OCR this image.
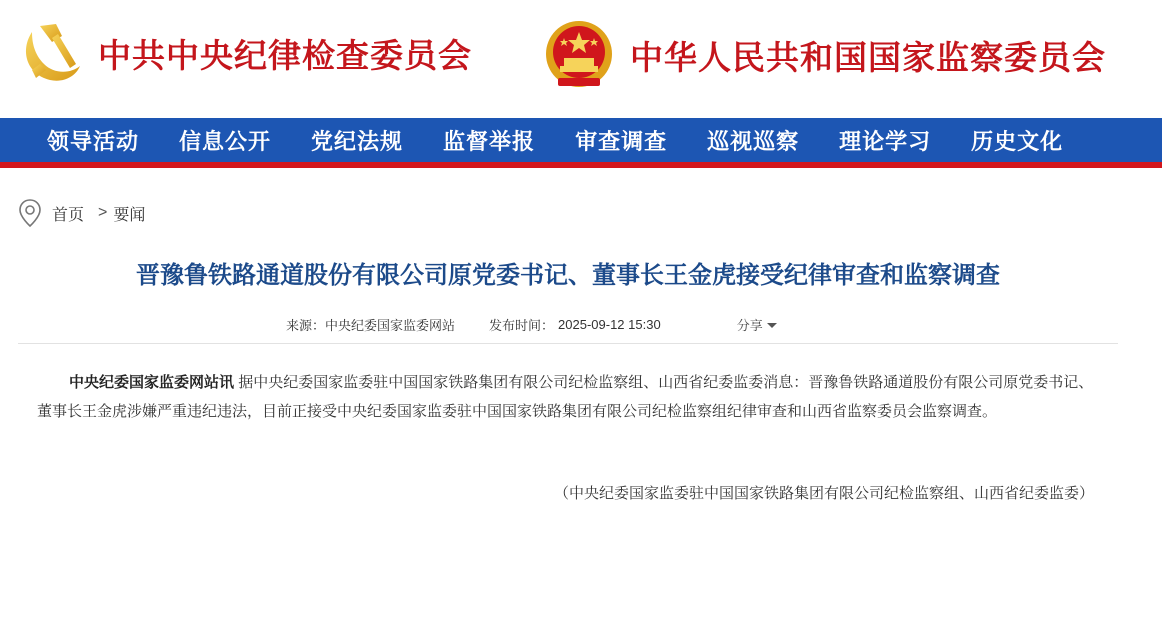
中共中央纪律检查委员会	中华人民共和国国家监察委员会
领导活动 信息公开 党纪法规 监督举报 审查调查 巡视巡察 理论学习 历史文化
首页 > 要闻
晋豫鲁铁路通道股份有限公司原党委书记、董事长王金虎接受纪律审查和监察调查
来源：中央纪委国家监委网站	发布时间： 2025-09-12 15:30	分享
中央纪委国家监委网站讯 据中央纪委国家监委驻中国国家铁路集团有限公司纪检监察组、山西省纪委监委消息：晋豫鲁铁路通道股份有限公司原党委书记、董事长王金虎涉嫌严重违纪违法，目前正接受中央纪委国家监委驻中国国家铁路集团有限公司纪检监察组纪律审查和山西省监察委员会监察调查。
（中央纪委国家监委驻中国国家铁路集团有限公司纪检监察组、山西省纪委监委）
